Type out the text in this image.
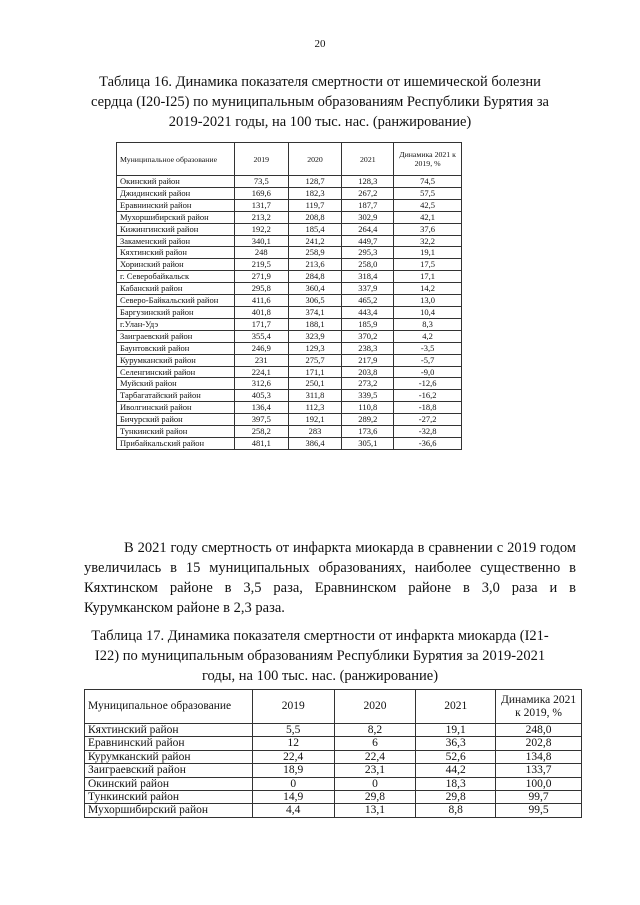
20
Таблица 16. Динамика показателя смертности от ишемической болезни сердца (I20-I25) по муниципальным образованиям Республики Бурятия за 2019-2021 годы, на 100 тыс. нас. (ранжирование)
Муниципальное образование	2019	2020	2021	Динамика 2021 к 2019, %
Окинский район	73,5	128,7	128,3	74,5
Джидинский район	169,6	182,3	267,2	57,5
Еравнинский район	131,7	119,7	187,7	42,5
Мухоршибирский район	213,2	208,8	302,9	42,1
Кижингинский район	192,2	185,4	264,4	37,6
Закаменский район	340,1	241,2	449,7	32,2
Кяхтинский район	248	258,9	295,3	19,1
Хоринский район	219,5	213,6	258,0	17,5
г. Северобайкальск	271,9	284,8	318,4	17,1
Кабанский район	295,8	360,4	337,9	14,2
Северо-Байкальский район	411,6	306,5	465,2	13,0
Баргузинский район	401,8	374,1	443,4	10,4
г.Улан-Удэ	171,7	188,1	185,9	8,3
Заиграевский район	355,4	323,9	370,2	4,2
Баунтовский район	246,9	129,3	238,3	-3,5
Курумканский район	231	275,7	217,9	-5,7
Селенгинский район	224,1	171,1	203,8	-9,0
Муйский район	312,6	250,1	273,2	-12,6
Тарбагатайский район	405,3	311,8	339,5	-16,2
Иволгинский район	136,4	112,3	110,8	-18,8
Бичурский район	397,5	192,1	289,2	-27,2
Тункинский район	258,2	283	173,6	-32,8
Прибайкальский район	481,1	386,4	305,1	-36,6
В 2021 году смертность от инфаркта миокарда в сравнении с 2019 годом увеличилась в 15 муниципальных образованиях, наиболее существенно в Кяхтинском районе в 3,5 раза, Еравнинском районе в 3,0 раза и в Курумканском районе в 2,3 раза.
Таблица 17. Динамика показателя смертности от инфаркта миокарда (I21-I22) по муниципальным образованиям Республики Бурятия за 2019-2021 годы, на 100 тыс. нас. (ранжирование)
Муниципальное образование	2019	2020	2021	Динамика 2021 к 2019, %
Кяхтинский район	5,5	8,2	19,1	248,0
Еравнинский район	12	6	36,3	202,8
Курумканский район	22,4	22,4	52,6	134,8
Заиграевский район	18,9	23,1	44,2	133,7
Окинский район	0	0	18,3	100,0
Тункинский район	14,9	29,8	29,8	99,7
Мухоршибирский район	4,4	13,1	8,8	99,5
